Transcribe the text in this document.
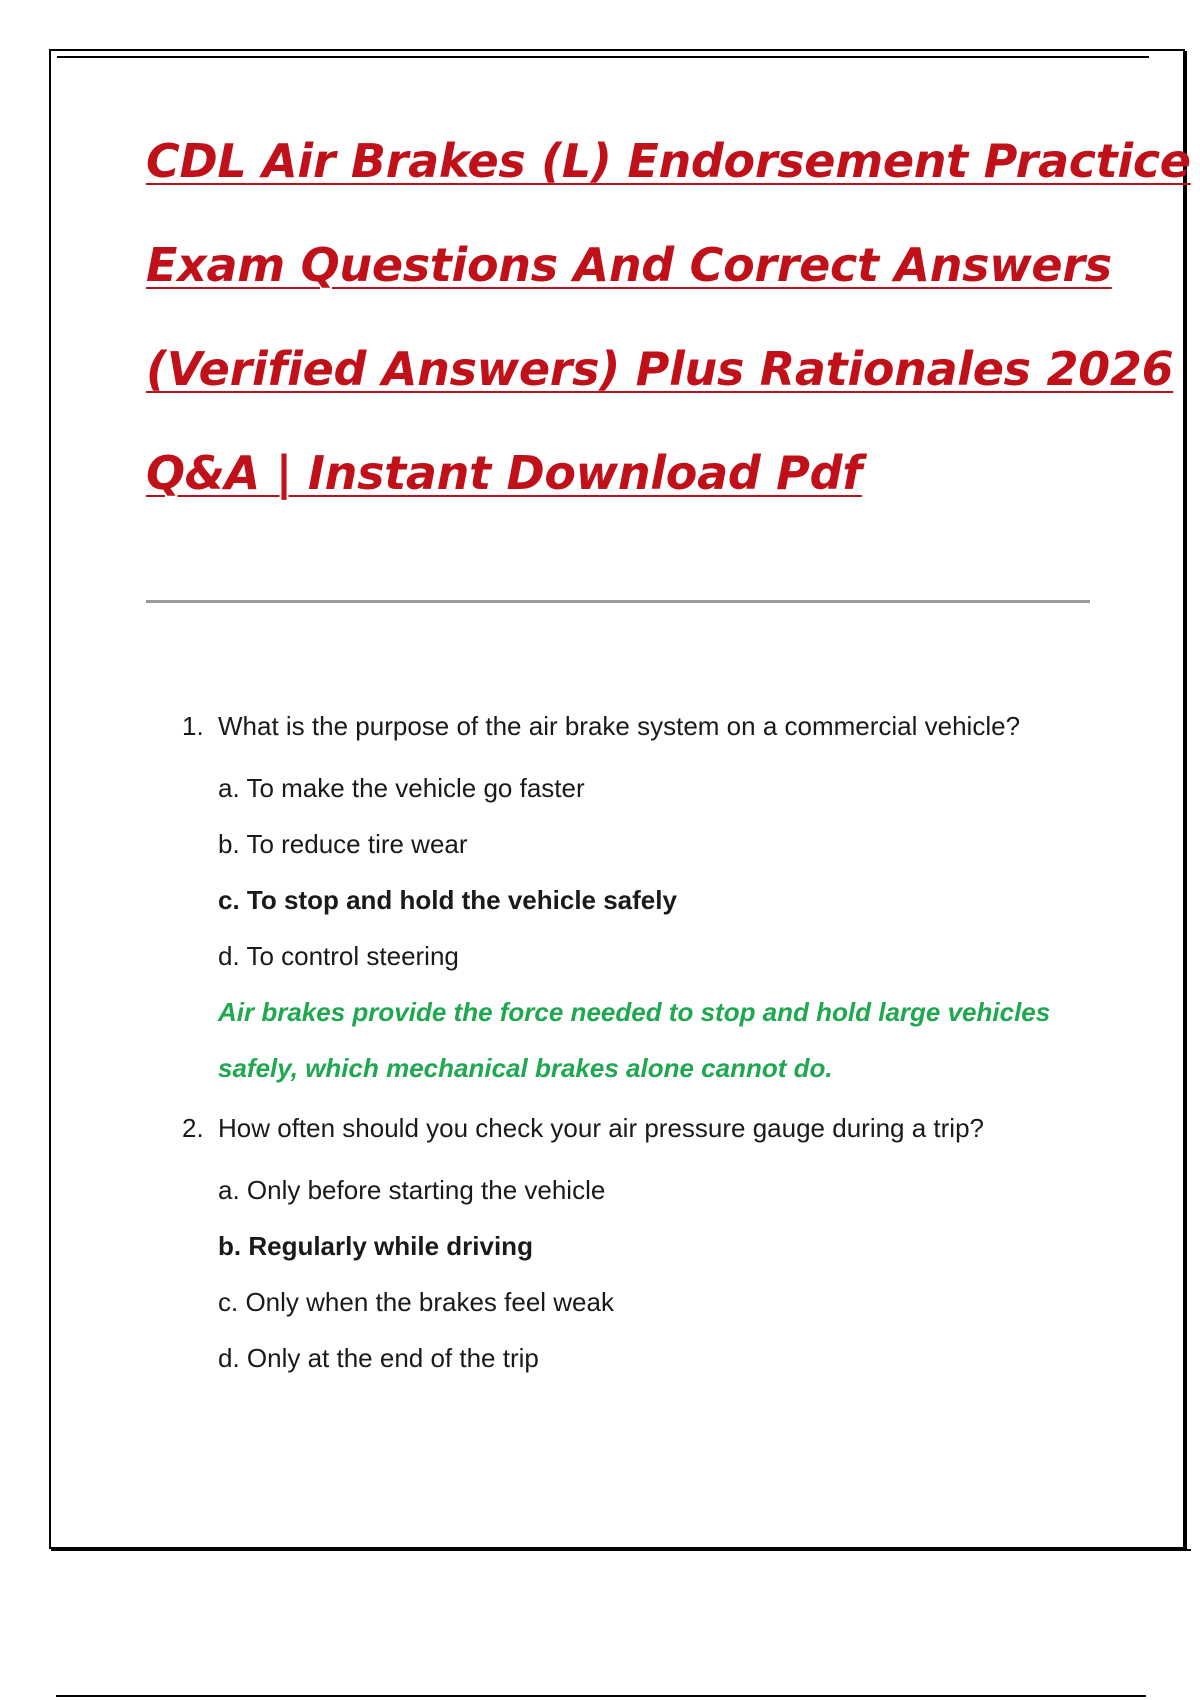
CDL Air Brakes (L) Endorsement Practice
Exam Questions And Correct Answers
(Verified Answers) Plus Rationales 2026
Q&A | Instant Download Pdf
1. What is the purpose of the air brake system on a commercial vehicle?
a. To make the vehicle go faster
b. To reduce tire wear
c. To stop and hold the vehicle safely
d. To control steering
Air brakes provide the force needed to stop and hold large vehicles safely, which mechanical brakes alone cannot do.
2. How often should you check your air pressure gauge during a trip?
a. Only before starting the vehicle
b. Regularly while driving
c. Only when the brakes feel weak
d. Only at the end of the trip
